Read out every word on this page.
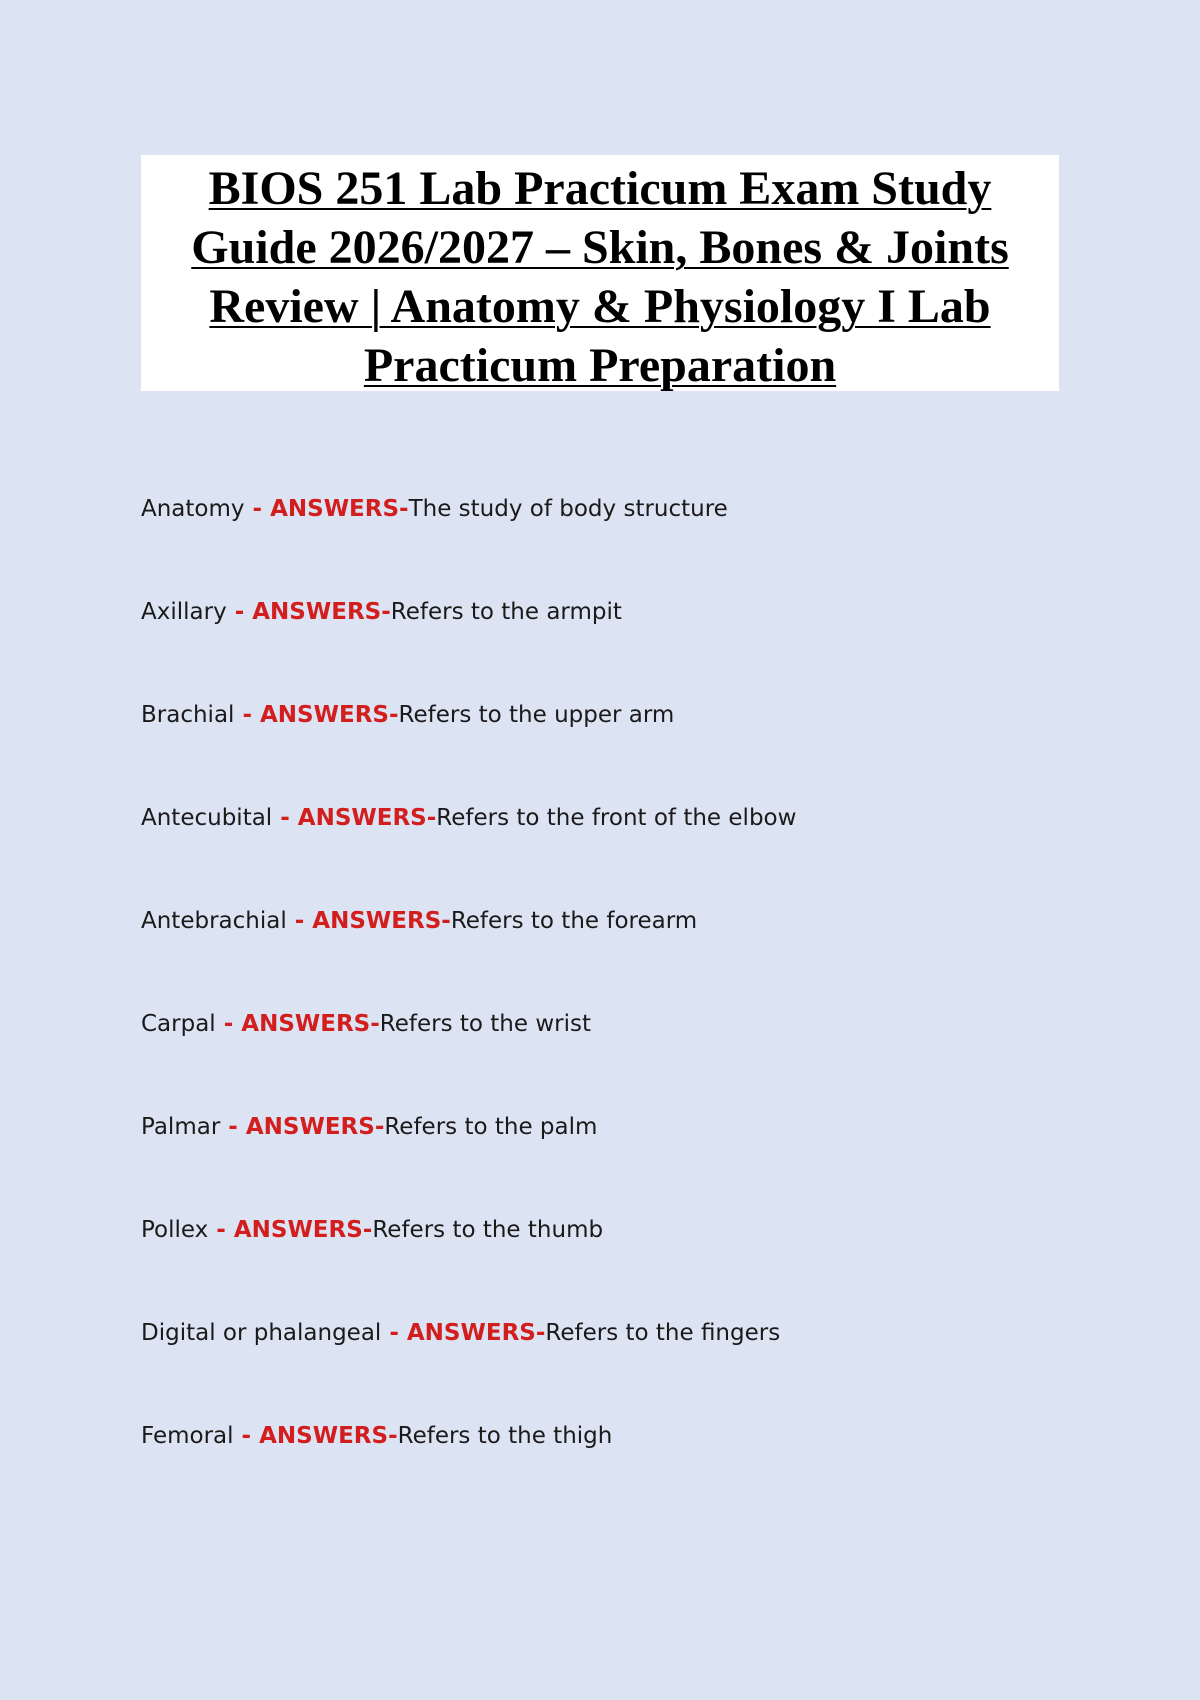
BIOS 251 Lab Practicum Exam Study Guide 2026/2027 – Skin, Bones & Joints Review | Anatomy & Physiology I Lab Practicum Preparation
Anatomy - ANSWERS-The study of body structure
Axillary - ANSWERS-Refers to the armpit
Brachial - ANSWERS-Refers to the upper arm
Antecubital - ANSWERS-Refers to the front of the elbow
Antebrachial - ANSWERS-Refers to the forearm
Carpal - ANSWERS-Refers to the wrist
Palmar - ANSWERS-Refers to the palm
Pollex - ANSWERS-Refers to the thumb
Digital or phalangeal - ANSWERS-Refers to the fingers
Femoral - ANSWERS-Refers to the thigh
